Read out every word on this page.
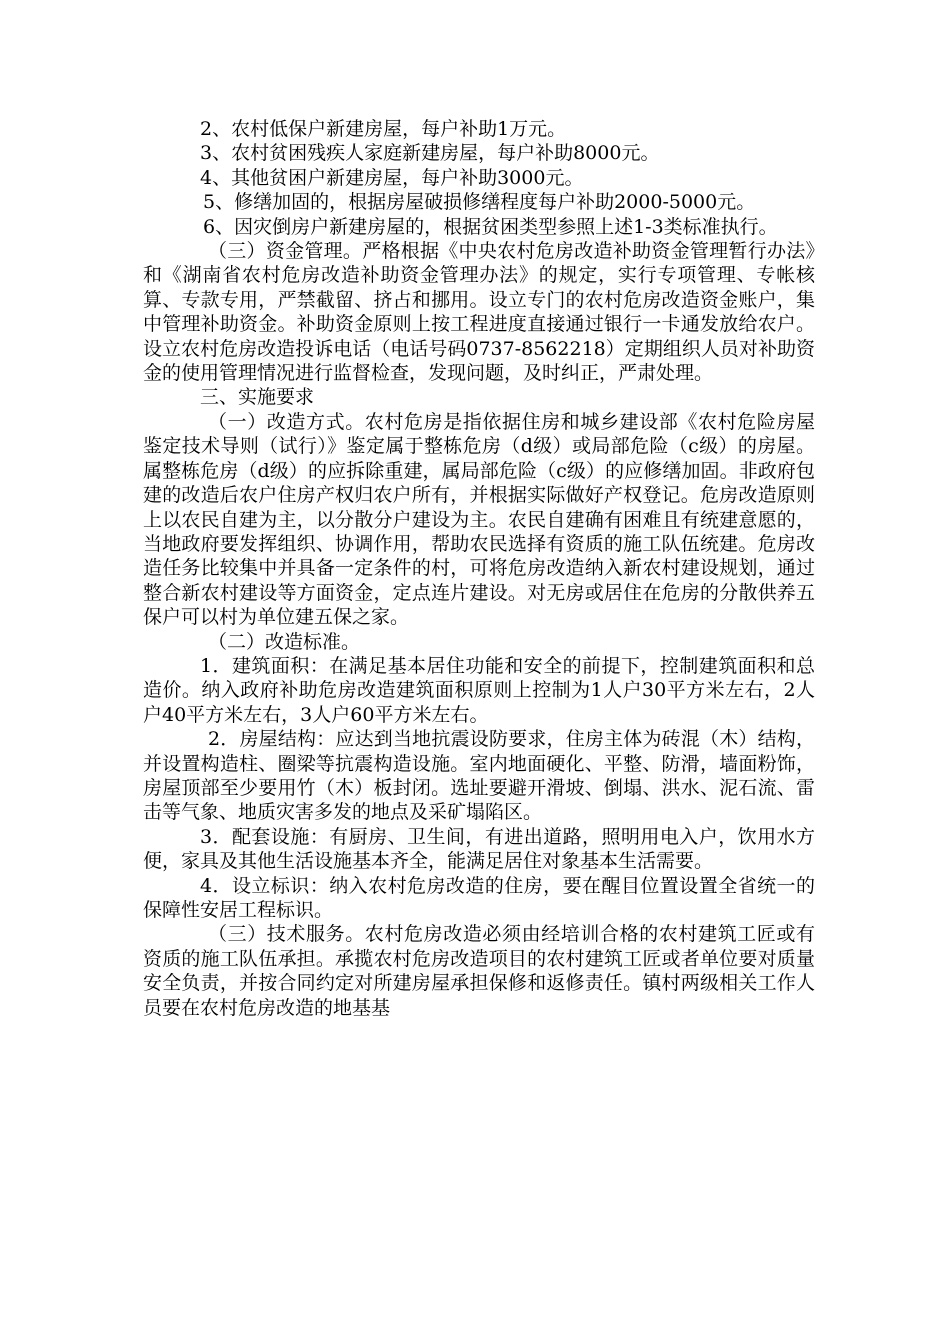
2、农村低保户新建房屋，每户补助1万元。

3、农村贫困残疾人家庭新建房屋，每户补助8000元。

4、其他贫困户新建房屋，每户补助3000元。

5、修缮加固的，根据房屋破损修缮程度每户补助2000-5000元。

6、因灾倒房户新建房屋的，根据贫困类型参照上述1-3类标准执行。

（三）资金管理。严格根据《中央农村危房改造补助资金管理暂行办法》和《湖南省农村危房改造补助资金管理办法》的规定，实行专项管理、专帐核算、专款专用，严禁截留、挤占和挪用。设立专门的农村危房改造资金账户，集中管理补助资金。补助资金原则上按工程进度直接通过银行一卡通发放给农户。设立农村危房改造投诉电话（电话号码0737-8562218）定期组织人员对补助资金的使用管理情况进行监督检查，发现问题，及时纠正，严肃处理。

三、实施要求

（一）改造方式。农村危房是指依据住房和城乡建设部《农村危险房屋鉴定技术导则（试行）》鉴定属于整栋危房（d级）或局部危险（c级）的房屋。属整栋危房（d级）的应拆除重建，属局部危险（c级）的应修缮加固。非政府包建的改造后农户住房产权归农户所有，并根据实际做好产权登记。危房改造原则上以农民自建为主，以分散分户建设为主。农民自建确有困难且有统建意愿的，当地政府要发挥组织、协调作用，帮助农民选择有资质的施工队伍统建。危房改造任务比较集中并具备一定条件的村，可将危房改造纳入新农村建设规划，通过整合新农村建设等方面资金，定点连片建设。对无房或居住在危房的分散供养五保户可以村为单位建五保之家。

（二）改造标准。

1．建筑面积：在满足基本居住功能和安全的前提下，控制建筑面积和总造价。纳入政府补助危房改造建筑面积原则上控制为1人户30平方米左右，2人户40平方米左右，3人户60平方米左右。

2．房屋结构：应达到当地抗震设防要求，住房主体为砖混（木）结构，并设置构造柱、圈梁等抗震构造设施。室内地面硬化、平整、防滑，墙面粉饰，房屋顶部至少要用竹（木）板封闭。选址要避开滑坡、倒塌、洪水、泥石流、雷击等气象、地质灾害多发的地点及采矿塌陷区。

3．配套设施：有厨房、卫生间，有进出道路，照明用电入户，饮用水方便，家具及其他生活设施基本齐全，能满足居住对象基本生活需要。

4．设立标识：纳入农村危房改造的住房，要在醒目位置设置全省统一的保障性安居工程标识。

（三）技术服务。农村危房改造必须由经培训合格的农村建筑工匠或有资质的施工队伍承担。承揽农村危房改造项目的农村建筑工匠或者单位要对质量安全负责，并按合同约定对所建房屋承担保修和返修责任。镇村两级相关工作人员要在农村危房改造的地基基
